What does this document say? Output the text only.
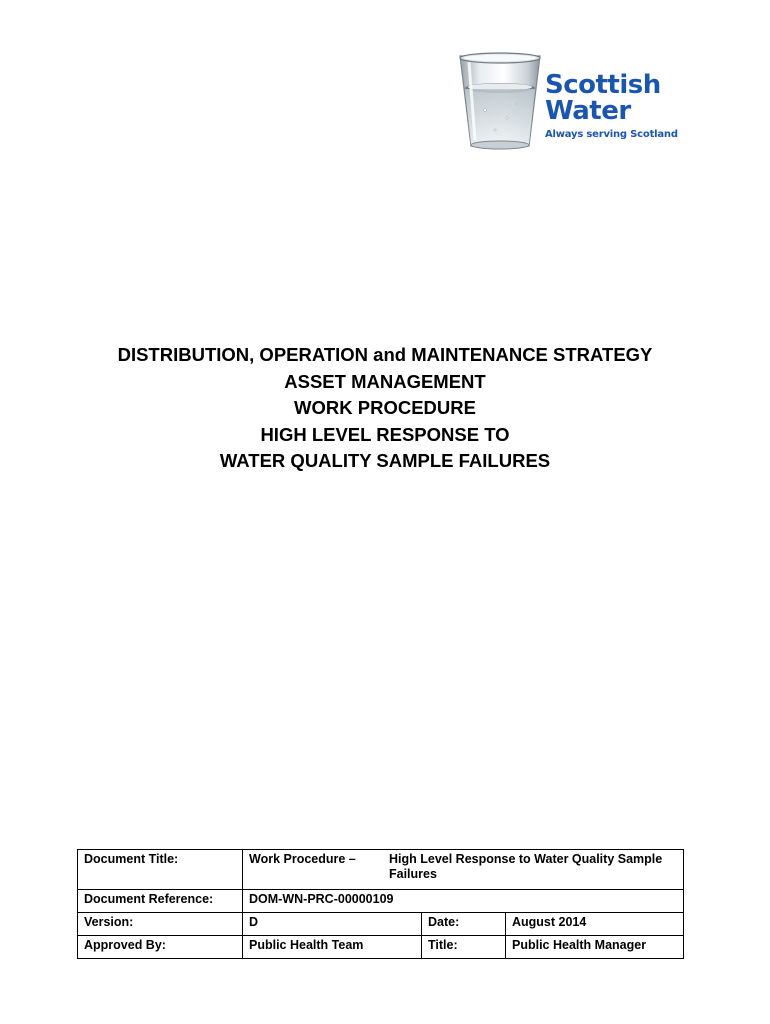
Scottish
Water
Always serving Scotland
DISTRIBUTION, OPERATION and MAINTENANCE STRATEGY
ASSET MANAGEMENT
WORK PROCEDURE
HIGH LEVEL RESPONSE TO
WATER QUALITY SAMPLE FAILURES
Document Title:	Work Procedure – High Level Response to Water Quality Sample Failures		

Document Reference:	DOM-WN-PRC-00000109		
Version:	D	Date:	August 2014
Approved By:	Public Health Team	Title:	Public Health Manager
